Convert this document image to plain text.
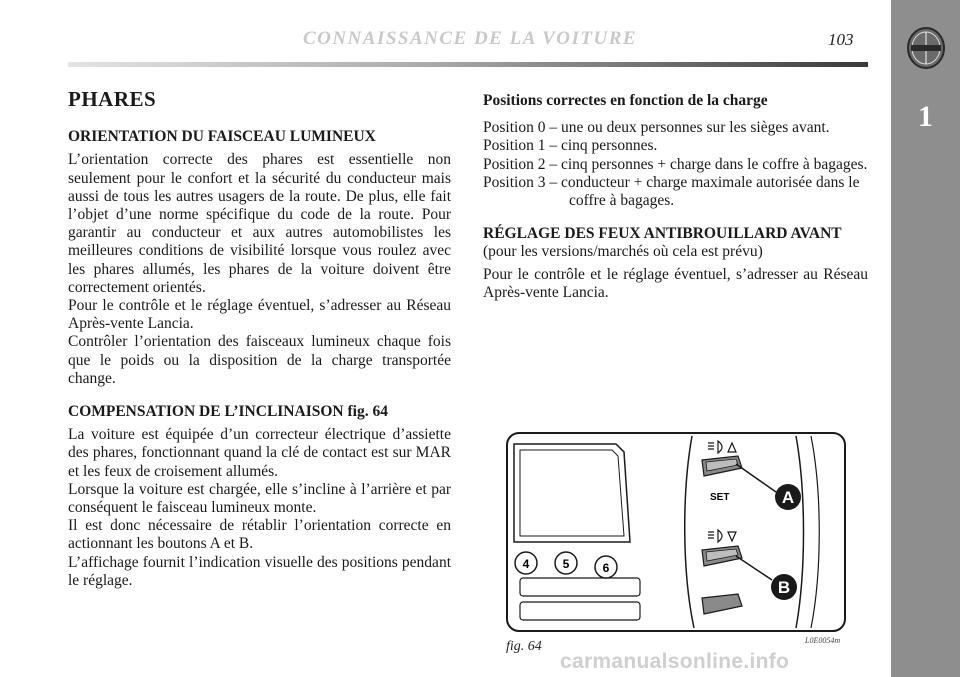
CONNAISSANCE DE LA VOITURE	103
1
PHARES
ORIENTATION DU FAISCEAU LUMINEUX

L’orientation correcte des phares est essentielle non seulement pour le confort et la sécurité du conducteur mais aussi de tous les autres usagers de la route. De plus, elle fait l’objet d’une norme spécifique du code de la route. Pour garantir au conducteur et aux autres automobilistes les meilleures conditions de visibilité lorsque vous roulez avec les phares allumés, les phares de la voiture doivent être correctement orientés.

Pour le contrôle et le réglage éventuel, s’adresser au Réseau Après-vente Lancia.

Contrôler l’orientation des faisceaux lumineux chaque fois que le poids ou la disposition de la charge transportée change.

COMPENSATION DE L’INCLINAISON fig. 64

La voiture est équipée d’un correcteur électrique d’assiette des phares, fonctionnant quand la clé de contact est sur MAR et les feux de croisement allumés.

Lorsque la voiture est chargée, elle s’incline à l’arrière et par conséquent le faisceau lumineux monte.

Il est donc nécessaire de rétablir l’orientation correcte en actionnant les boutons A et B.

L’affichage fournit l’indication visuelle des positions pendant le réglage.

Positions correctes en fonction de la charge
Position 0 – une ou deux personnes sur les sièges avant.
Position 1 – cinq personnes.
Position 2 – cinq personnes + charge dans le coffre à bagages.
Position 3 – conducteur + charge maximale autorisée dans le coffre à bagages.
RÉGLAGE DES FEUX ANTIBROUILLARD AVANT

(pour les versions/marchés où cela est prévu)

Pour le contrôle et le réglage éventuel, s’adresser au Réseau Après-vente Lancia.

4	5	6
SET	A
B
fig. 64	L0E0054m
carmanualsonline.info
